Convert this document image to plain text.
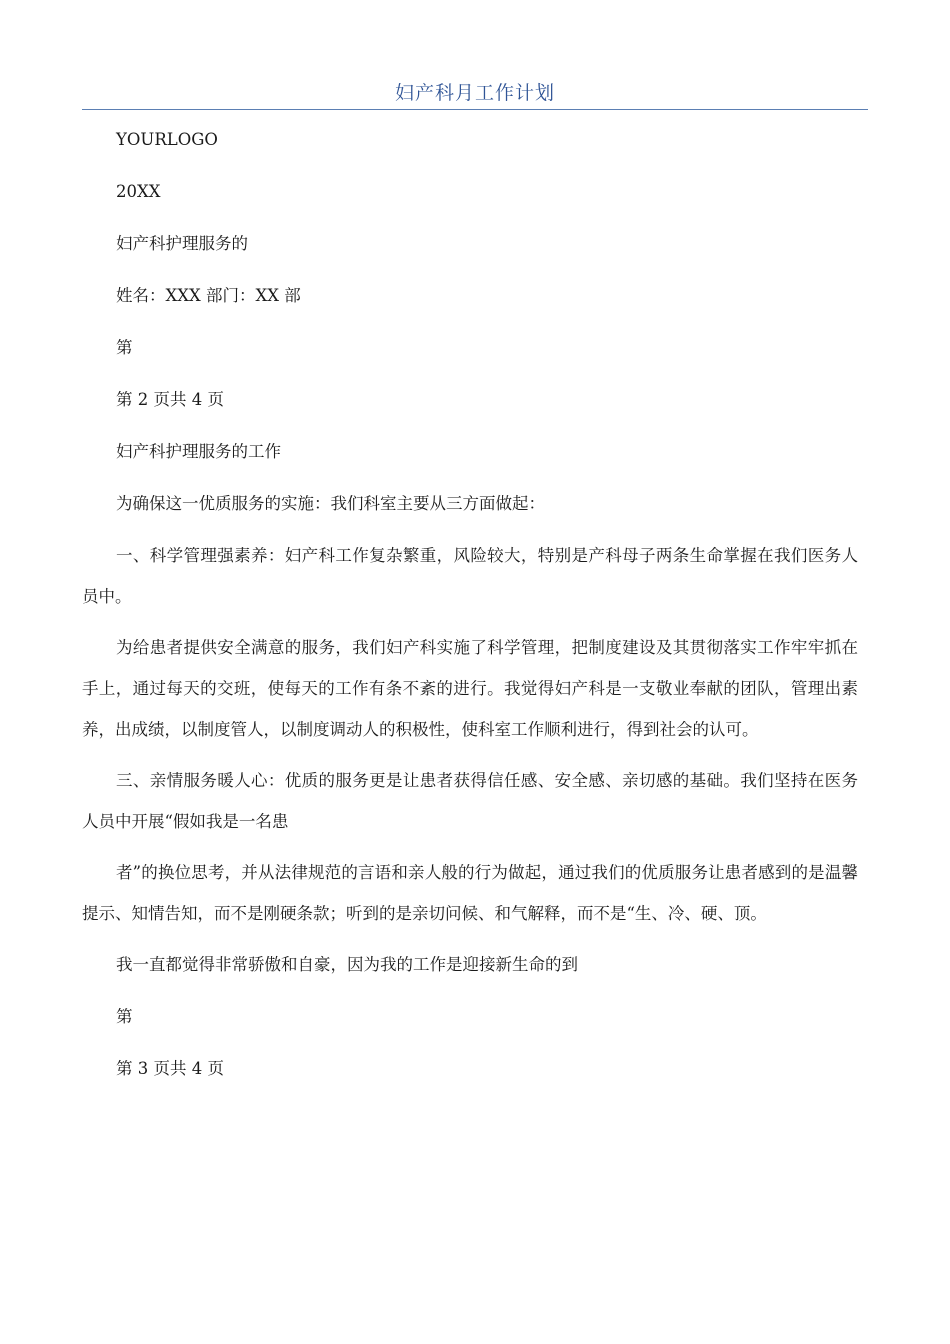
妇产科月工作计划

YOURLOGO

20XX

妇产科护理服务的

姓名：XXX 部门：XX 部

第

第 2 页共 4 页

妇产科护理服务的工作

为确保这一优质服务的实施：我们科室主要从三方面做起：

一、科学管理强素养：妇产科工作复杂繁重，风险较大，特别是产科母子两条生命掌握在我们医务人员中。

为给患者提供安全满意的服务，我们妇产科实施了科学管理，把制度建设及其贯彻落实工作牢牢抓在手上，通过每天的交班，使每天的工作有条不紊的进行。我觉得妇产科是一支敬业奉献的团队，管理出素养，出成绩，以制度管人，以制度调动人的积极性，使科室工作顺利进行，得到社会的认可。

三、亲情服务暖人心：优质的服务更是让患者获得信任感、安全感、亲切感的基础。我们坚持在医务人员中开展“假如我是一名患

者”的换位思考，并从法律规范的言语和亲人般的行为做起，通过我们的优质服务让患者感到的是温馨提示、知情告知，而不是刚硬条款；听到的是亲切问候、和气解释，而不是“生、冷、硬、顶。

我一直都觉得非常骄傲和自豪，因为我的工作是迎接新生命的到

第

第 3 页共 4 页
